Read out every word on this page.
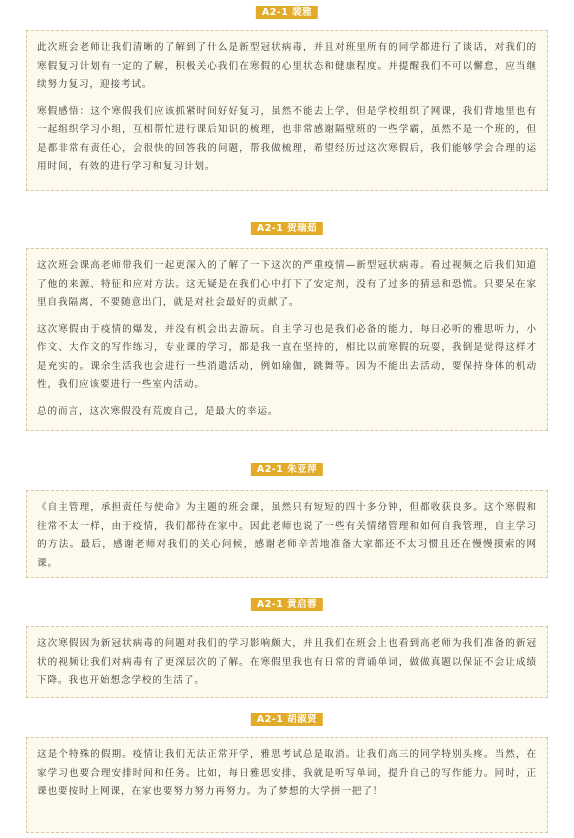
A2-1 裴雅

此次班会老师让我们清晰的了解到了什么是新型冠状病毒，并且对班里所有的同学都进行了谈话，对我们的寒假复习计划有一定的了解，积极关心我们在寒假的心里状态和健康程度。并提醒我们不可以懈怠，应当继续努力复习，迎接考试。

寒假感悟：这个寒假我们应该抓紧时间好好复习，虽然不能去上学，但是学校组织了网课，我们背地里也有一起组织学习小组，互相帮忙进行课后知识的梳理，也非常感谢隔壁班的一些学霸，虽然不是一个班的，但是都非常有责任心，会很快的回答我的问题，帮我做梳理，希望经历过这次寒假后，我们能够学会合理的运用时间，有效的进行学习和复习计划。

A2-1 贺瑞茹

这次班会课高老师带我们一起更深入的了解了一下这次的严重疫情—新型冠状病毒。看过视频之后我们知道了他的来源、特征和应对方法。这无疑是在我们心中打下了安定剂，没有了过多的猜忌和恐慌。只要呆在家里自我隔离，不要随意出门，就是对社会最好的贡献了。

这次寒假由于疫情的爆发，并没有机会出去游玩。自主学习也是我们必备的能力，每日必听的雅思听力，小作文、大作文的写作练习，专业课的学习，都是我一直在坚持的，相比以前寒假的玩耍，我倒是觉得这样才是充实的。课余生活我也会进行一些消遣活动，例如瑜伽，跳舞等。因为不能出去活动，要保持身体的机动性，我们应该要进行一些室内活动。

总的而言，这次寒假没有荒废自己，是最大的幸运。

A2-1 朱亚萍

《自主管理，承担责任与使命》为主题的班会课，虽然只有短短的四十多分钟，但都收获良多。这个寒假和往常不太一样，由于疫情，我们都待在家中。因此老师也说了一些有关情绪管理和如何自我管理，自主学习的方法。最后，感谢老师对我们的关心问候，感谢老师辛苦地准备大家都还不太习惯且还在慢慢摸索的网课。

A2-1 黄启蓉

这次寒假因为新冠状病毒的问题对我们的学习影响颇大，并且我们在班会上也看到高老师为我们准备的新冠状的视频让我们对病毒有了更深层次的了解。在寒假里我也有日常的背诵单词，做做真题以保证不会让成绩下降。我也开始想念学校的生活了。

A2-1 胡淑贤

这是个特殊的假期。疫情让我们无法正常开学，雅思考试总是取消。让我们高三的同学特别头疼。当然，在家学习也要合理安排时间和任务。比如，每日雅思安排，我就是听写单词，提升自己的写作能力。同时，正课也要按时上网课，在家也要努力努力再努力。为了梦想的大学拼一把了！
